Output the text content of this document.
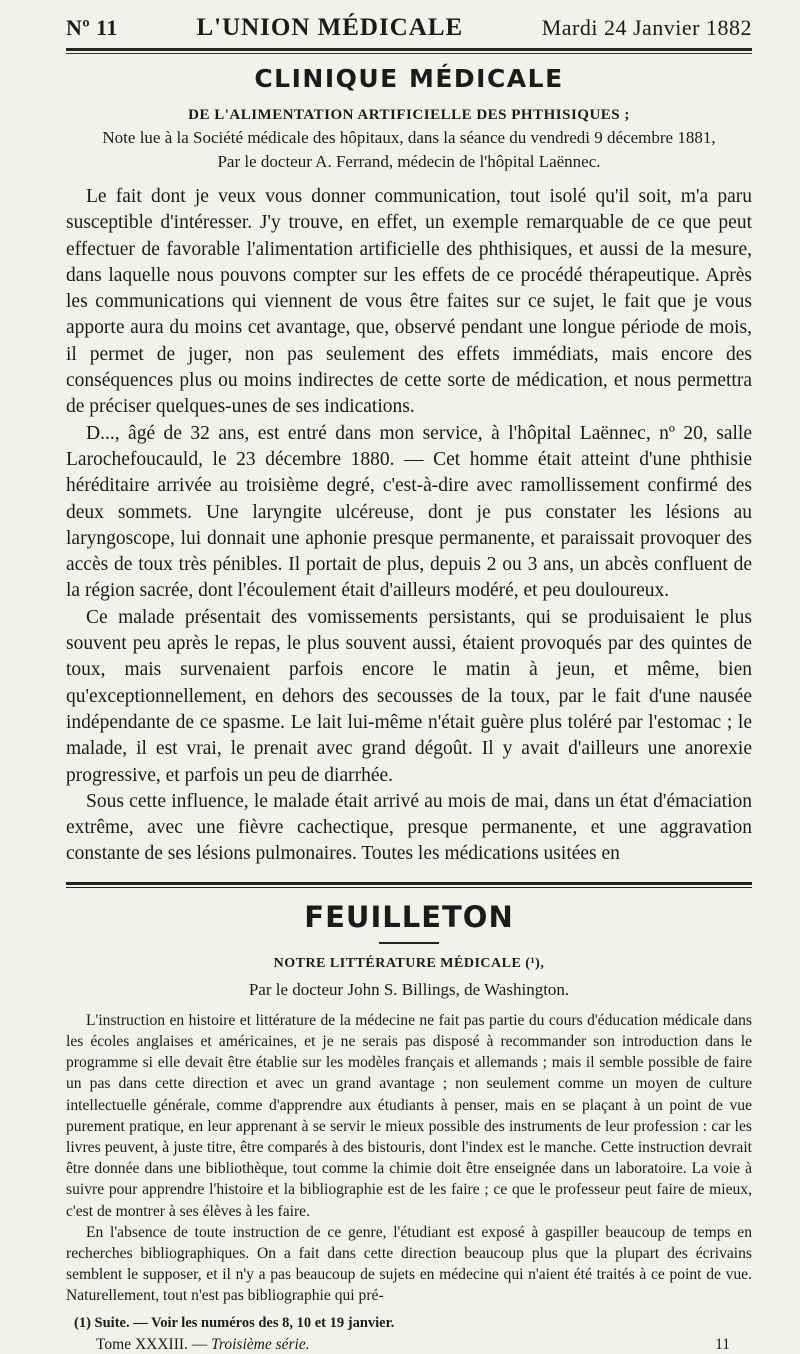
Nº 11	L'UNION MÉDICALE	Mardi 24 Janvier 1882
CLINIQUE MÉDICALE
DE L'ALIMENTATION ARTIFICIELLE DES PHTHISIQUES ;
Note lue à la Société médicale des hôpitaux, dans la séance du vendredi 9 décembre 1881,
Par le docteur A. Ferrand, médecin de l'hôpital Laënnec.

Le fait dont je veux vous donner communication, tout isolé qu'il soit, m'a paru susceptible d'intéresser. J'y trouve, en effet, un exemple remarquable de ce que peut effectuer de favorable l'alimentation artificielle des phthisiques, et aussi de la mesure, dans laquelle nous pouvons compter sur les effets de ce procédé thérapeutique. Après les communications qui viennent de vous être faites sur ce sujet, le fait que je vous apporte aura du moins cet avantage, que, observé pendant une longue période de mois, il permet de juger, non pas seulement des effets immédiats, mais encore des conséquences plus ou moins indirectes de cette sorte de médication, et nous permettra de préciser quelques-unes de ses indications.

D..., âgé de 32 ans, est entré dans mon service, à l'hôpital Laënnec, nº 20, salle Larochefoucauld, le 23 décembre 1880. — Cet homme était atteint d'une phthisie héréditaire arrivée au troisième degré, c'est-à-dire avec ramollissement confirmé des deux sommets. Une laryngite ulcéreuse, dont je pus constater les lésions au laryngoscope, lui donnait une aphonie presque permanente, et paraissait provoquer des accès de toux très pénibles. Il portait de plus, depuis 2 ou 3 ans, un abcès confluent de la région sacrée, dont l'écoulement était d'ailleurs modéré, et peu douloureux.

Ce malade présentait des vomissements persistants, qui se produisaient le plus souvent peu après le repas, le plus souvent aussi, étaient provoqués par des quintes de toux, mais survenaient parfois encore le matin à jeun, et même, bien qu'exceptionnellement, en dehors des secousses de la toux, par le fait d'une nausée indépendante de ce spasme. Le lait lui-même n'était guère plus toléré par l'estomac ; le malade, il est vrai, le prenait avec grand dégoût. Il y avait d'ailleurs une anorexie progressive, et parfois un peu de diarrhée.

Sous cette influence, le malade était arrivé au mois de mai, dans un état d'émaciation extrême, avec une fièvre cachectique, presque permanente, et une aggravation constante de ses lésions pulmonaires. Toutes les médications usitées en

FEUILLETON
NOTRE LITTÉRATURE MÉDICALE (¹),
Par le docteur John S. Billings, de Washington.

L'instruction en histoire et littérature de la médecine ne fait pas partie du cours d'éducation médicale dans les écoles anglaises et américaines, et je ne serais pas disposé à recommander son introduction dans le programme si elle devait être établie sur les modèles français et allemands ; mais il semble possible de faire un pas dans cette direction et avec un grand avantage ; non seulement comme un moyen de culture intellectuelle générale, comme d'apprendre aux étudiants à penser, mais en se plaçant à un point de vue purement pratique, en leur apprenant à se servir le mieux possible des instruments de leur profession : car les livres peuvent, à juste titre, être comparés à des bistouris, dont l'index est le manche. Cette instruction devrait être donnée dans une bibliothèque, tout comme la chimie doit être enseignée dans un laboratoire. La voie à suivre pour apprendre l'histoire et la bibliographie est de les faire ; ce que le professeur peut faire de mieux, c'est de montrer à ses élèves à les faire.

En l'absence de toute instruction de ce genre, l'étudiant est exposé à gaspiller beaucoup de temps en recherches bibliographiques. On a fait dans cette direction beaucoup plus que la plupart des écrivains semblent le supposer, et il n'y a pas beaucoup de sujets en médecine qui n'aient été traités à ce point de vue. Naturellement, tout n'est pas bibliographie qui pré-

(1) Suite. — Voir les numéros des 8, 10 et 19 janvier.
Tome XXXIII. — Troisième série.	11
